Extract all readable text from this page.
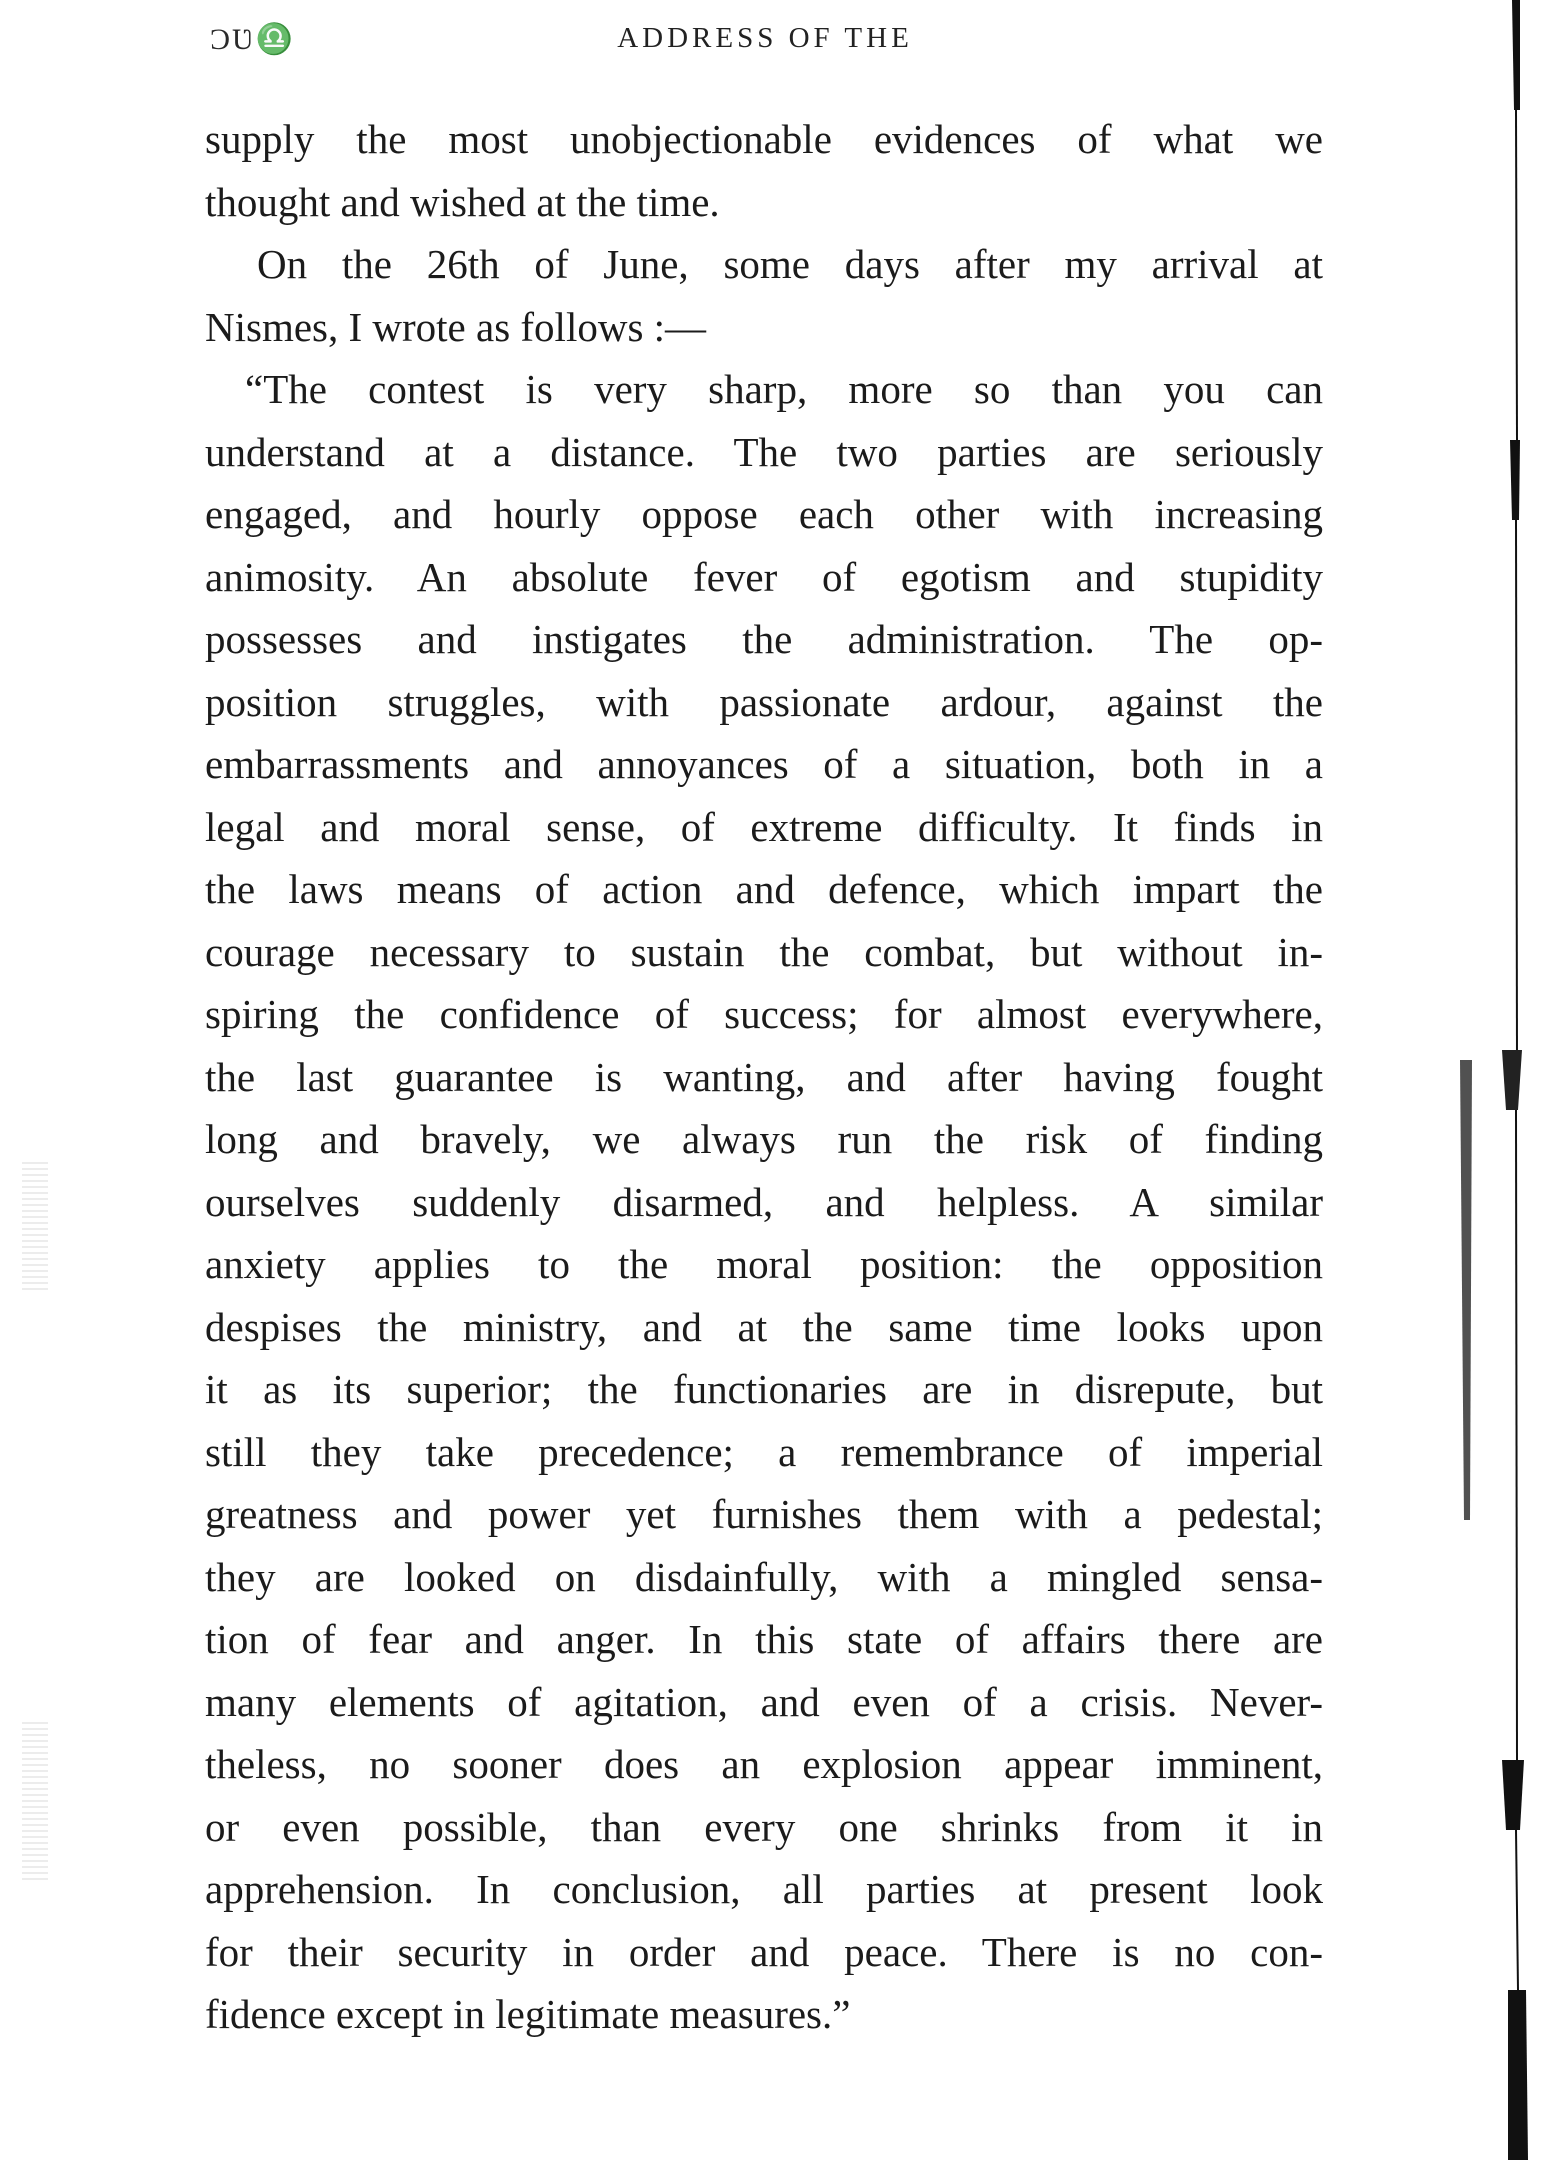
ƆƲ♎	ADDRESS OF THE
supply the most unobjectionable evidences of what we
thought and wished at the time.
On the 26th of June, some days after my arrival at
Nismes, I wrote as follows :—
“The contest is very sharp, more so than you can
understand at a distance. The two parties are seriously
engaged, and hourly oppose each other with increasing
animosity. An absolute fever of egotism and stupidity
possesses and instigates the administration. The op-
position struggles, with passionate ardour, against the
embarrassments and annoyances of a situation, both in a
legal and moral sense, of extreme difficulty. It finds in
the laws means of action and defence, which impart the
courage necessary to sustain the combat, but without in-
spiring the confidence of success; for almost everywhere,
the last guarantee is wanting, and after having fought
long and bravely, we always run the risk of finding
ourselves suddenly disarmed, and helpless. A similar
anxiety applies to the moral position: the opposition
despises the ministry, and at the same time looks upon
it as its superior; the functionaries are in disrepute, but
still they take precedence; a remembrance of imperial
greatness and power yet furnishes them with a pedestal;
they are looked on disdainfully, with a mingled sensa-
tion of fear and anger. In this state of affairs there are
many elements of agitation, and even of a crisis. Never-
theless, no sooner does an explosion appear imminent,
or even possible, than every one shrinks from it in
apprehension. In conclusion, all parties at present look
for their security in order and peace. There is no con-
fidence except in legitimate measures.”
